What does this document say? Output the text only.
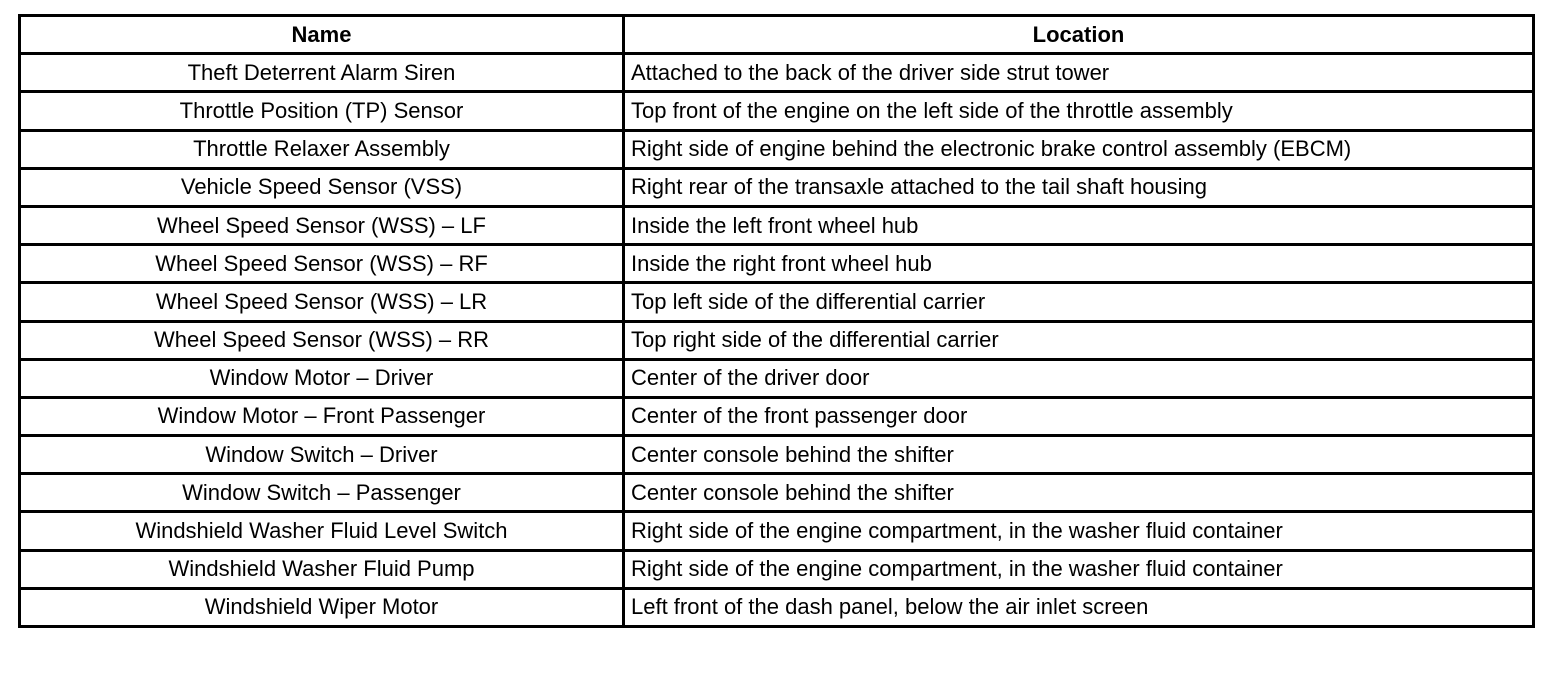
Name	Location
Theft Deterrent Alarm Siren	Attached to the back of the driver side strut tower
Throttle Position (TP) Sensor	Top front of the engine on the left side of the throttle assembly
Throttle Relaxer Assembly	Right side of engine behind the electronic brake control assembly (EBCM)
Vehicle Speed Sensor (VSS)	Right rear of the transaxle attached to the tail shaft housing
Wheel Speed Sensor (WSS) – LF	Inside the left front wheel hub
Wheel Speed Sensor (WSS) – RF	Inside the right front wheel hub
Wheel Speed Sensor (WSS) – LR	Top left side of the differential carrier
Wheel Speed Sensor (WSS) – RR	Top right side of the differential carrier
Window Motor – Driver	Center of the driver door
Window Motor – Front Passenger	Center of the front passenger door
Window Switch – Driver	Center console behind the shifter
Window Switch – Passenger	Center console behind the shifter
Windshield Washer Fluid Level Switch	Right side of the engine compartment, in the washer fluid container
Windshield Washer Fluid Pump	Right side of the engine compartment, in the washer fluid container
Windshield Wiper Motor	Left front of the dash panel, below the air inlet screen
